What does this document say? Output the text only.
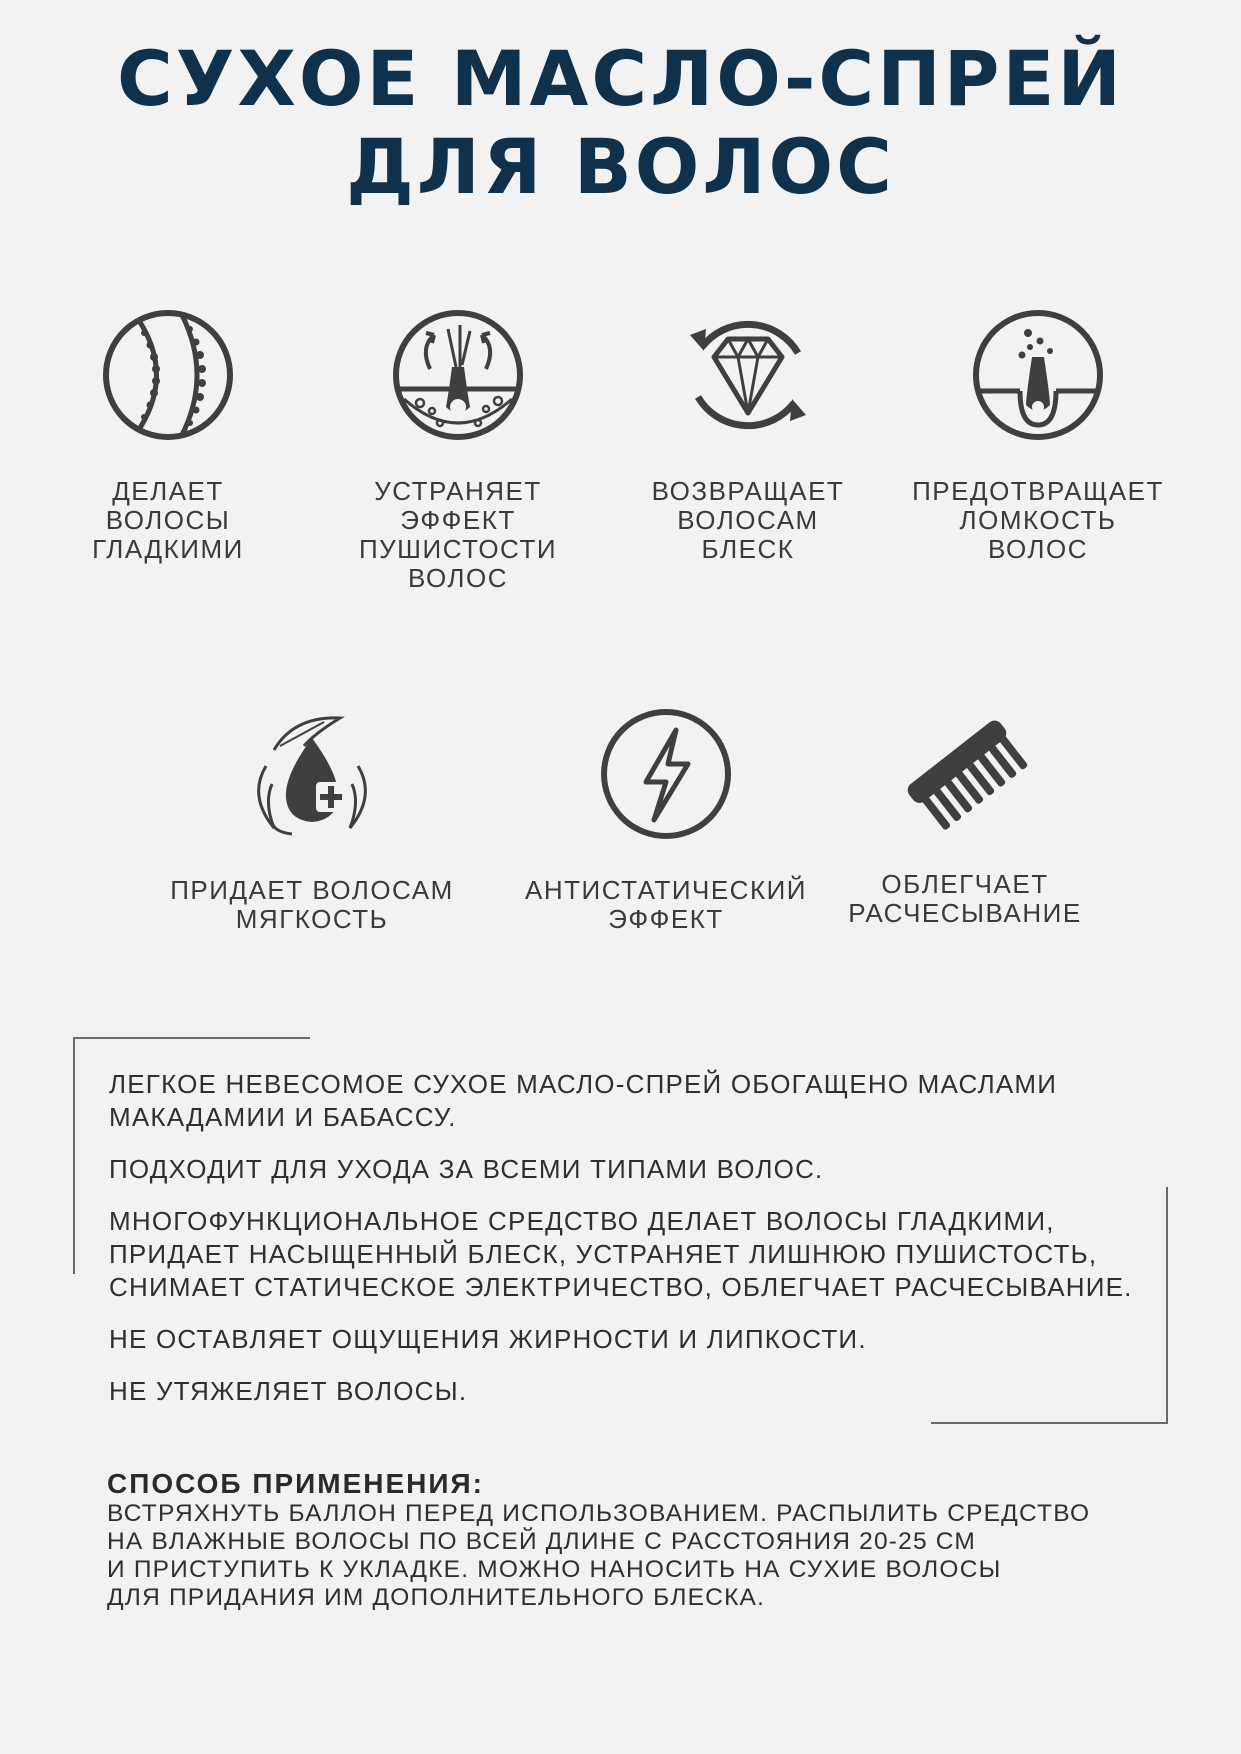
СУХОЕ МАСЛО-СПРЕЙ
ДЛЯ ВОЛОС
ДЕЛАЕТ
ВОЛОСЫ
ГЛАДКИМИ
УСТРАНЯЕТ
ЭФФЕКТ
ПУШИСТОСТИ
ВОЛОС
ВОЗВРАЩАЕТ
ВОЛОСАМ
БЛЕСК
ПРЕДОТВРАЩАЕТ
ЛОМКОСТЬ
ВОЛОС
ПРИДАЕТ ВОЛОСАМ
МЯГКОСТЬ
АНТИСТАТИЧЕСКИЙ
ЭФФЕКТ
ОБЛЕГЧАЕТ
РАСЧЕСЫВАНИЕ

ЛЕГКОЕ НЕВЕСОМОЕ СУХОЕ МАСЛО-СПРЕЙ ОБОГАЩЕНО МАСЛАМИ МАКАДАМИИ И БАБАССУ.

ПОДХОДИТ ДЛЯ УХОДА ЗА ВСЕМИ ТИПАМИ ВОЛОС.

МНОГОФУНКЦИОНАЛЬНОЕ СРЕДСТВО ДЕЛАЕТ ВОЛОСЫ ГЛАДКИМИ, ПРИДАЕТ НАСЫЩЕННЫЙ БЛЕСК, УСТРАНЯЕТ ЛИШНЮЮ ПУШИСТОСТЬ, СНИМАЕТ СТАТИЧЕСКОЕ ЭЛЕКТРИЧЕСТВО, ОБЛЕГЧАЕТ РАСЧЕСЫВАНИЕ.

НЕ ОСТАВЛЯЕТ ОЩУЩЕНИЯ ЖИРНОСТИ И ЛИПКОСТИ.

НЕ УТЯЖЕЛЯЕТ ВОЛОСЫ.

СПОСОБ ПРИМЕНЕНИЯ:
ВСТРЯХНУТЬ БАЛЛОН ПЕРЕД ИСПОЛЬЗОВАНИЕМ. РАСПЫЛИТЬ СРЕДСТВО
НА ВЛАЖНЫЕ ВОЛОСЫ ПО ВСЕЙ ДЛИНЕ С РАССТОЯНИЯ 20-25 СМ
И ПРИСТУПИТЬ К УКЛАДКЕ. МОЖНО НАНОСИТЬ НА СУХИЕ ВОЛОСЫ
ДЛЯ ПРИДАНИЯ ИМ ДОПОЛНИТЕЛЬНОГО БЛЕСКА.
